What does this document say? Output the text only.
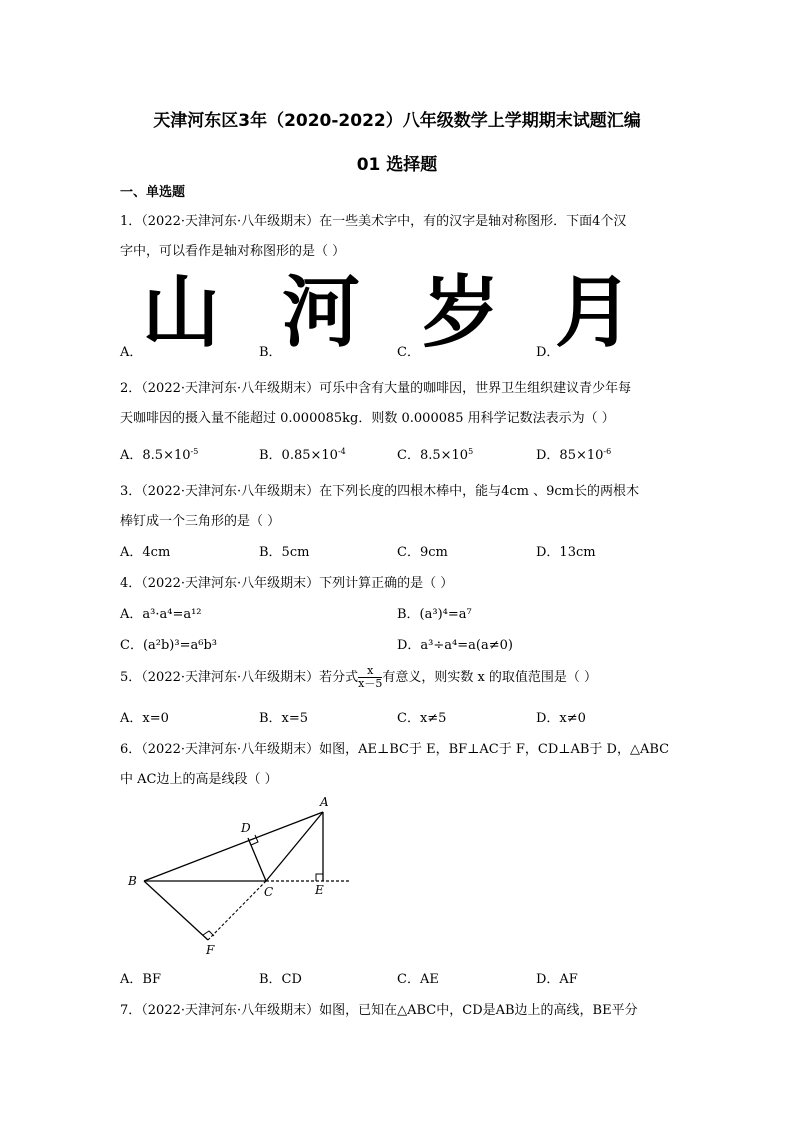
天津河东区3年（2020-2022）八年级数学上学期期末试题汇编
01 选择题
一、单选题
1．（2022·天津河东·八年级期末）在一些美术字中，有的汉字是轴对称图形．下面4个汉
字中，可以看作是轴对称图形的是（ ）
山 河 岁 月
A．	B．	C．	D．
2．（2022·天津河东·八年级期末）可乐中含有大量的咖啡因，世界卫生组织建议青少年每
天咖啡因的摄入量不能超过 0.000085kg．则数 0.000085 用科学记数法表示为（ ）
A．$8.5\times 10^{-5}$	B．$0.85\times 10^{-4}$	C．$8.5\times 10^5$	D．$85\times 10^{-6}$
3．（2022·天津河东·八年级期末）在下列长度的四根木棒中，能与4cm 、9cm长的两根木
棒钉成一个三角形的是（ ）
A．4cm	B．5cm	C．9cm	D．13cm
4．（2022·天津河东·八年级期末）下列计算正确的是（ ）
A．a³·a⁴=a¹²	B．(a³)⁴=a⁷
C．(a²b)³=a⁶b³	D．a³÷a⁴=a(a≠0)
5．（2022·天津河东·八年级期末）若分式 $\frac{x}{x-5}$ 有意义，则实数 x 的取值范围是（ ）
A．x=0	B．x=5	C．x≠5	D．x≠0
6．（2022·天津河东·八年级期末）如图，AE⊥BC于 E，BF⊥AC于 F，CD⊥AB于 D，△ABC
中 AC边上的高是线段（ ）
A
D
B
C	E
F
A．BF	B．CD	C．AE	D．AF
7．（2022·天津河东·八年级期末）如图，已知在△ABC中，CD是AB边上的高线，BE平分
